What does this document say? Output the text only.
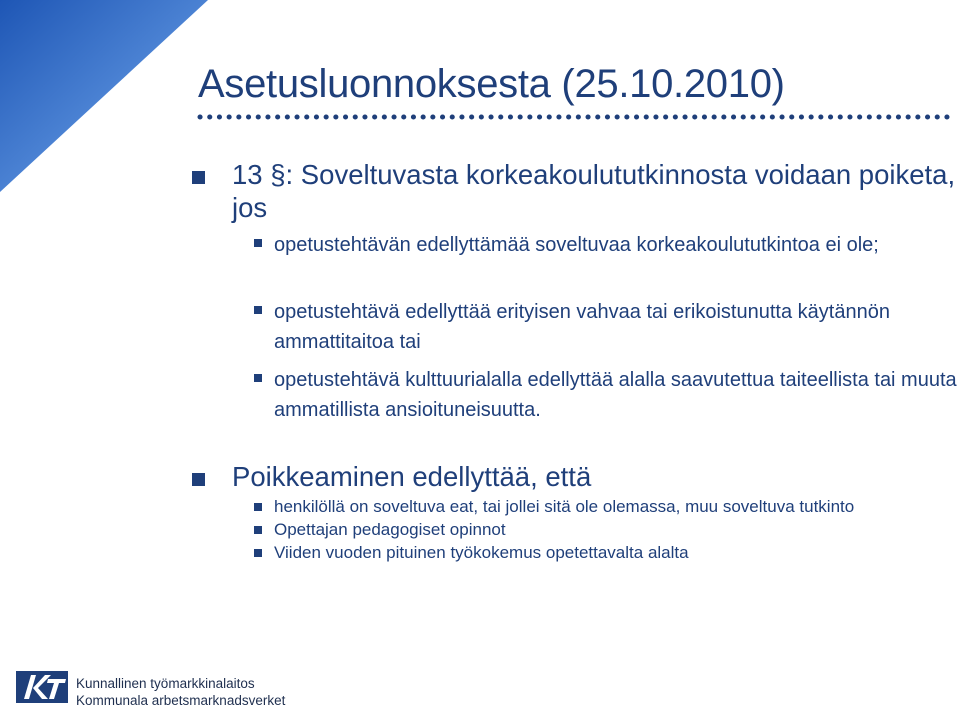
Asetusluonnoksesta (25.10.2010)
13 §: Soveltuvasta korkeakoulututkinnosta voidaan poiketa, jos
opetustehtävän edellyttämää soveltuvaa korkeakoulututkintoa ei ole;
opetustehtävä edellyttää erityisen vahvaa tai erikoistunutta käytännön ammattitaitoa tai
opetustehtävä kulttuurialalla edellyttää alalla saavutettua taiteellista tai muuta ammatillista ansioituneisuutta.
Poikkeaminen edellyttää, että
henkilöllä on soveltuva eat, tai jollei sitä ole olemassa, muu soveltuva tutkinto
Opettajan pedagogiset opinnot
Viiden vuoden pituinen työkokemus opetettavalta alalta
Kunnallinen työmarkkinalaitos
Kommunala arbetsmarknadsverket
